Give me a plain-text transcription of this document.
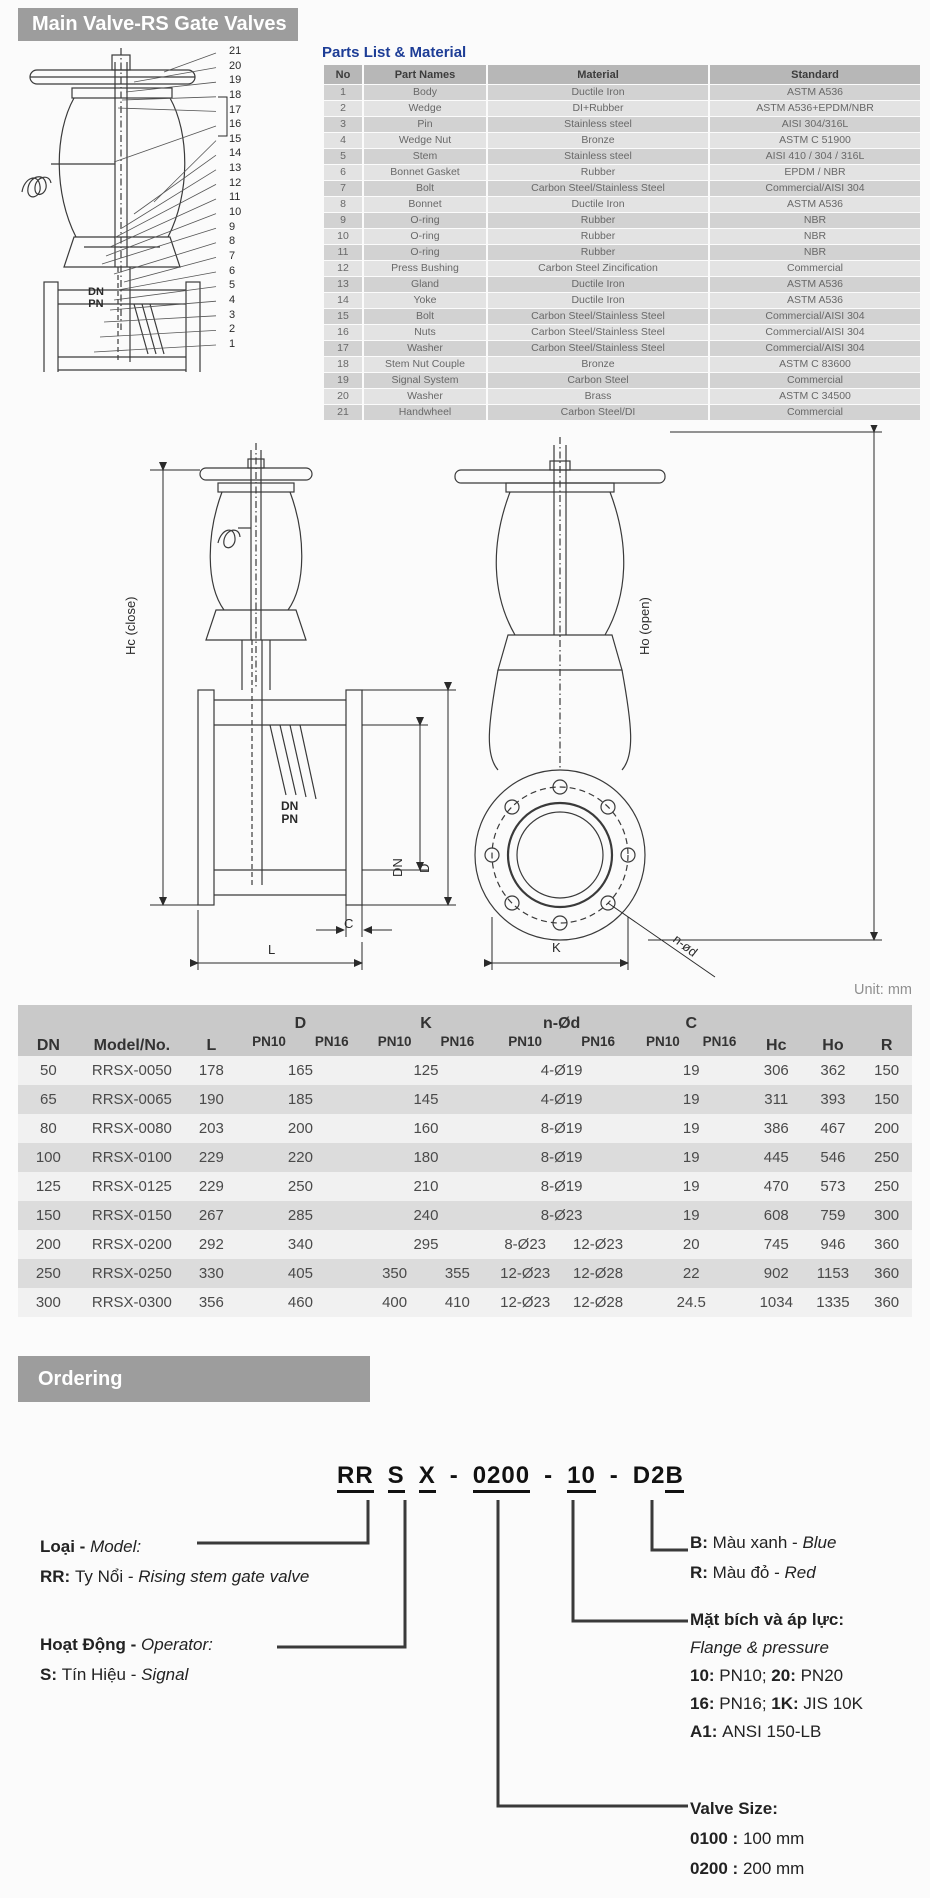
Main Valve-RS Gate Valves
21
20
19
18
17
16
15
14
13
12
11
10
9
8
7
6
5
4
3
2
1
DN
PN
Parts List & Material
No	Part Names	Material	Standard
1	Body	Ductile Iron	ASTM A536
2	Wedge	DI+Rubber	ASTM A536+EPDM/NBR
3	Pin	Stainless steel	AISI 304/316L
4	Wedge Nut	Bronze	ASTM C 51900
5	Stem	Stainless steel	AISI 410 / 304 / 316L
6	Bonnet Gasket	Rubber	EPDM / NBR
7	Bolt	Carbon Steel/Stainless Steel	Commercial/AISI 304
8	Bonnet	Ductile Iron	ASTM A536
9	O-ring	Rubber	NBR
10	O-ring	Rubber	NBR
11	O-ring	Rubber	NBR
12	Press Bushing	Carbon Steel Zincification	Commercial
13	Gland	Ductile Iron	ASTM A536
14	Yoke	Ductile Iron	ASTM A536
15	Bolt	Carbon Steel/Stainless Steel	Commercial/AISI 304
16	Nuts	Carbon Steel/Stainless Steel	Commercial/AISI 304
17	Washer	Carbon Steel/Stainless Steel	Commercial/AISI 304
18	Stem Nut Couple	Bronze	ASTM C 83600
19	Signal System	Carbon Steel	Commercial
20	Washer	Brass	ASTM C 34500
21	Handwheel	Carbon Steel/DI	Commercial
Hc (close)	Ho (open)
DN
PN
DN D
C
L	K	n-ød
Unit: mm
DN	Model/No.	L	D		K		n-Ød		C		Hc	Ho	R
			PN10	PN16	PN10	PN16	PN10	PN16	PN10	PN16			
50	RRSX-0050	178	165		125		4-Ø19		19		306	362	150
65	RRSX-0065	190	185		145		4-Ø19		19		311	393	150
80	RRSX-0080	203	200		160		8-Ø19		19		386	467	200
100	RRSX-0100	229	220		180		8-Ø19		19		445	546	250
125	RRSX-0125	229	250		210		8-Ø19		19		470	573	250
150	RRSX-0150	267	285		240		8-Ø23		19		608	759	300
200	RRSX-0200	292	340		295		8-Ø23	12-Ø23	20		745	946	360
250	RRSX-0250	330	405		350	355	12-Ø23	12-Ø28	22		902	1153	360
300	RRSX-0300	356	460		400	410	12-Ø23	12-Ø28	24.5		1034	1335	360
Ordering
RR S X - 0200 - 10 - D2B
Loại - Model:
RR: Ty Nổi - Rising stem gate valve
Hoạt Động - Operator:
S: Tín Hiệu - Signal
B: Màu xanh - Blue
R: Màu đỏ - Red
Mặt bích và áp lực:
Flange & pressure
10: PN10; 20: PN20
16: PN16; 1K: JIS 10K
A1: ANSI 150-LB
Valve Size:
0100 : 100 mm
0200 : 200 mm
